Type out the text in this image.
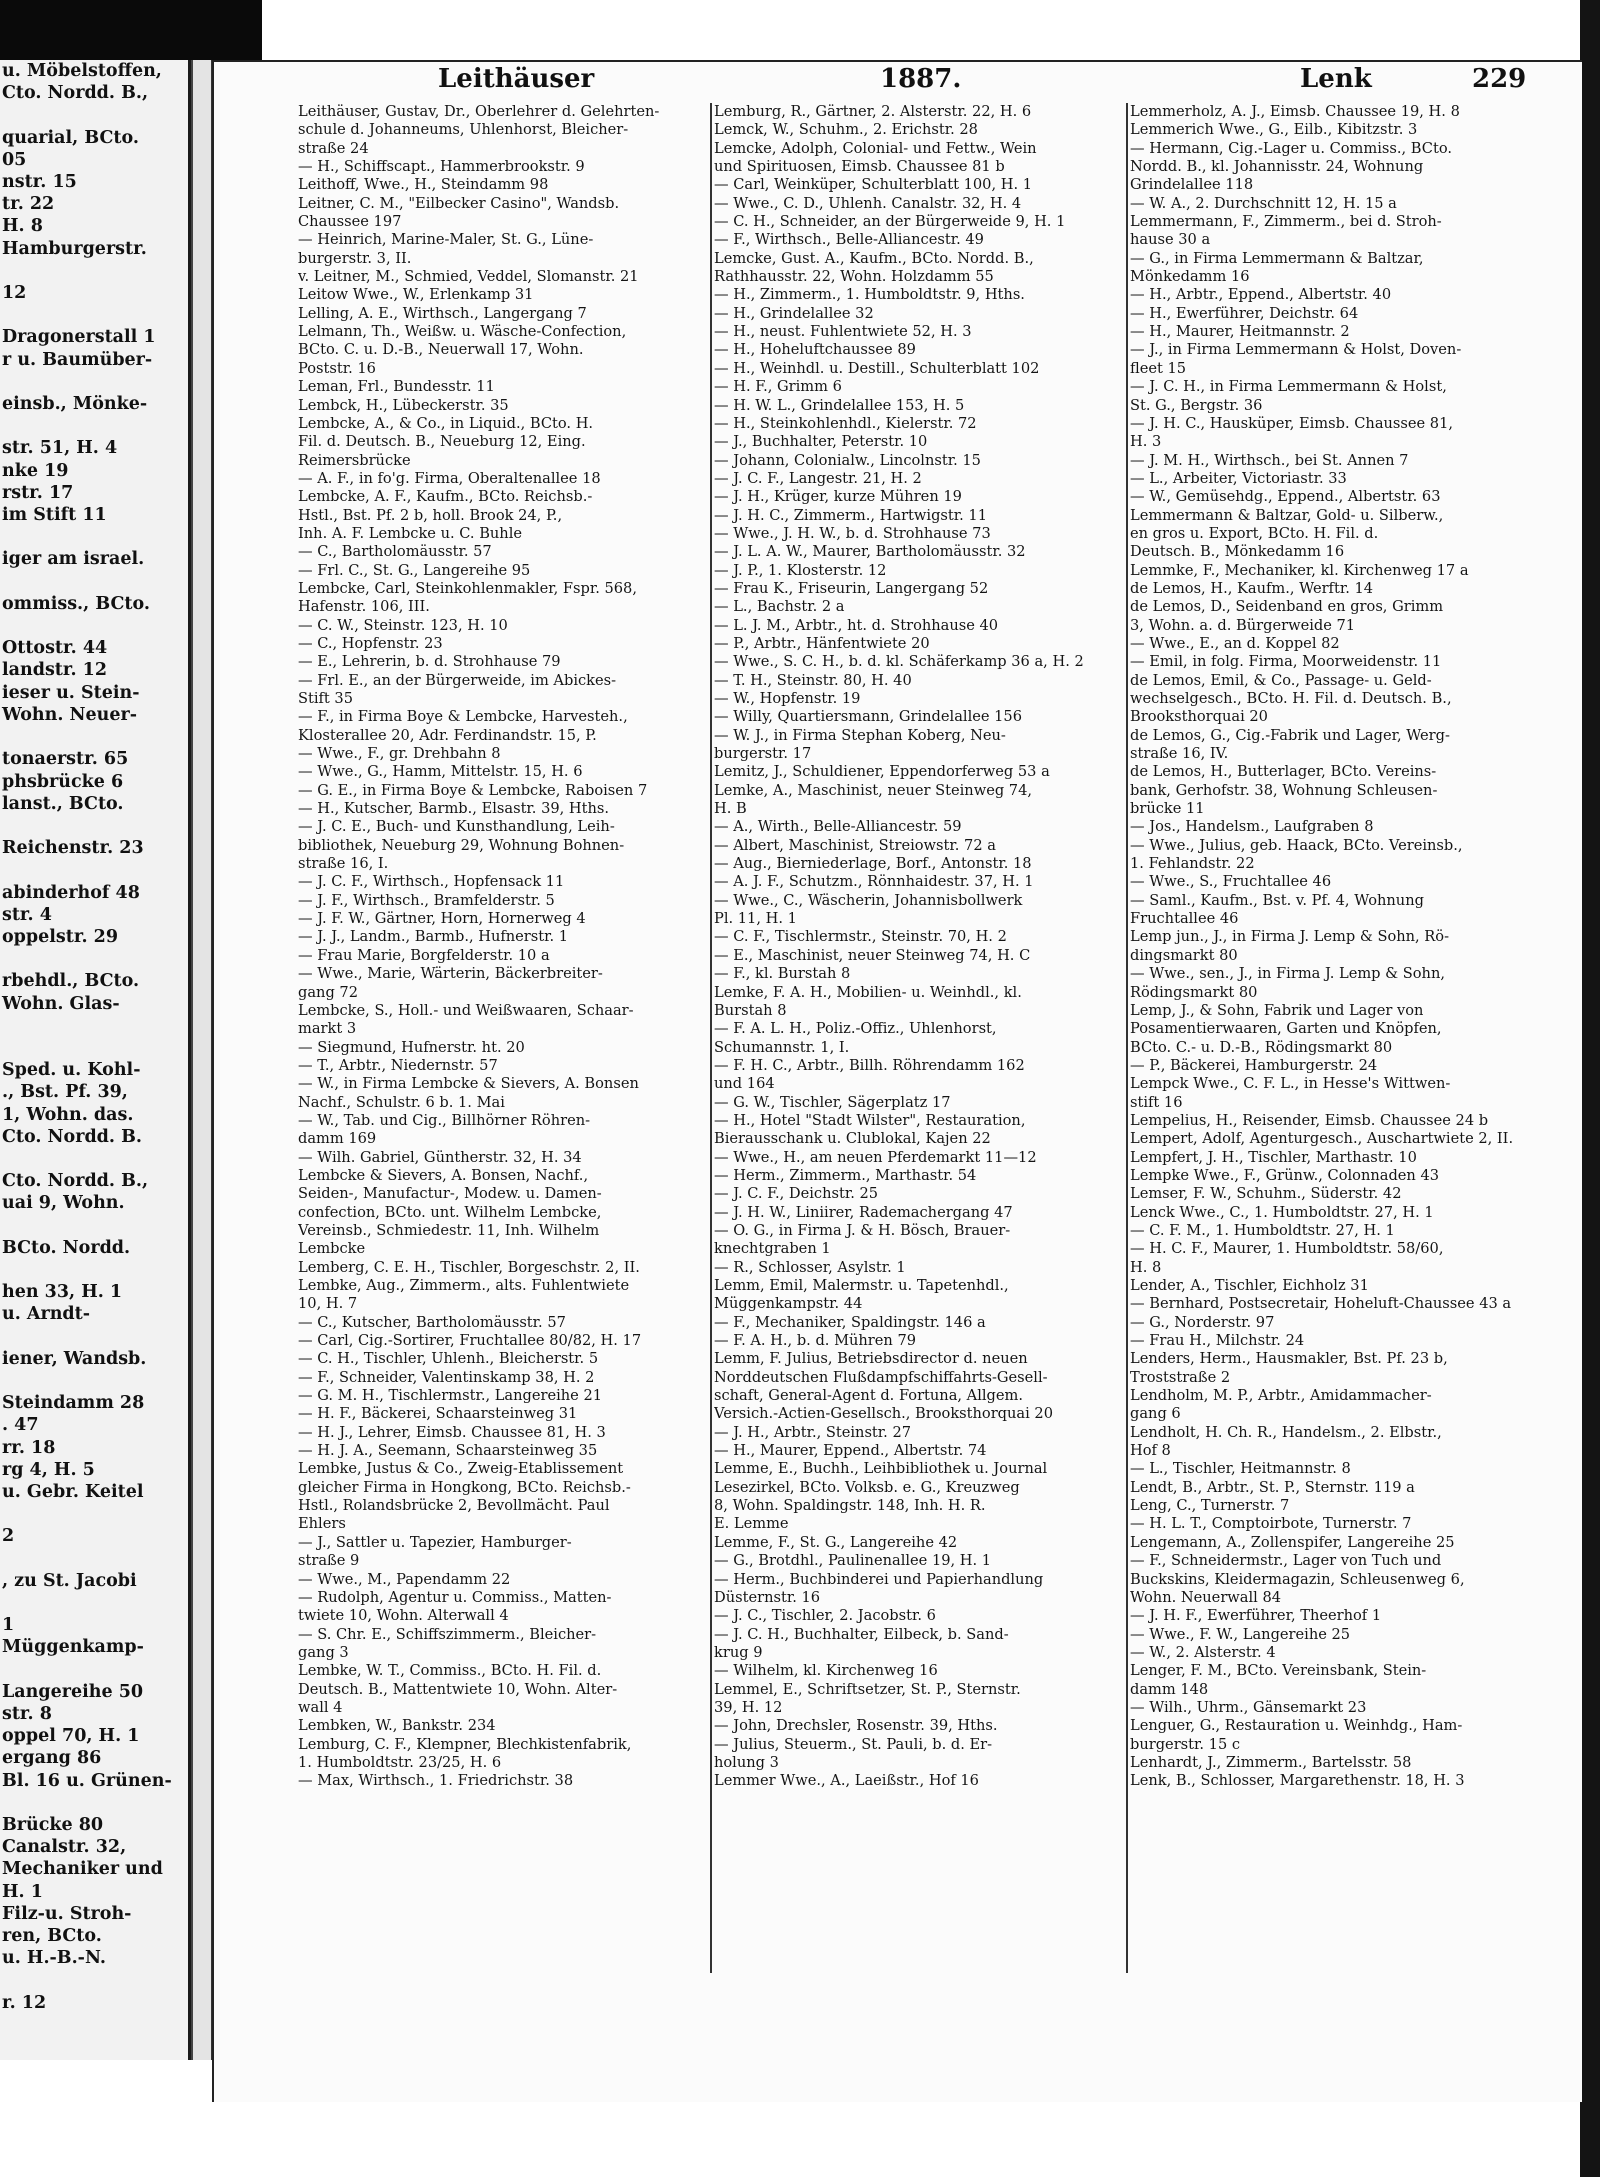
u. Möbelstoffen,
Cto. Nordd. B.,

quarial, BCto.
05
nstr. 15
tr. 22
H. 8
Hamburgerstr.

12

Dragonerstall 1
r u. Baumüber-

einsb., Mönke-

str. 51, H. 4
nke 19
rstr. 17
im Stift 11

iger am israel.

ommiss., BCto.

Ottostr. 44
landstr. 12
ieser u. Stein-
Wohn. Neuer-

tonaerstr. 65
phsbrücke 6
lanst., BCto.

Reichenstr. 23

abinderhof 48
str. 4
oppelstr. 29

rbehdl., BCto.
Wohn. Glas-

Sped. u. Kohl-
., Bst. Pf. 39,
1, Wohn. das.
Cto. Nordd. B.

Cto. Nordd. B.,
uai 9, Wohn.

BCto. Nordd.

hen 33, H. 1
u. Arndt-

iener, Wandsb.

Steindamm 28
. 47
rr. 18
rg 4, H. 5
u. Gebr. Keitel

2

, zu St. Jacobi

1
Müggenkamp-

Langereihe 50
str. 8
oppel 70, H. 1
ergang 86
Bl. 16 u. Grünen-

Brücke 80
Canalstr. 32,
Mechaniker und
H. 1
Filz-u. Stroh-
ren, BCto.
u. H.-B.-N.

r. 12
Leithäuser	1887.	Lenk	229
Leithäuser, Gustav, Dr., Oberlehrer d. Gelehrten-
schule d. Johanneums, Uhlenhorst, Bleicher-
straße 24
— H., Schiffscapt., Hammerbrookstr. 9
Leithoff, Wwe., H., Steindamm 98
Leitner, C. M., "Eilbecker Casino", Wandsb.
Chaussee 197
— Heinrich, Marine-Maler, St. G., Lüne-
burgerstr. 3, II.
v. Leitner, M., Schmied, Veddel, Slomanstr. 21
Leitow Wwe., W., Erlenkamp 31
Lelling, A. E., Wirthsch., Langergang 7
Lelmann, Th., Weißw. u. Wäsche-Confection,
BCto. C. u. D.-B., Neuerwall 17, Wohn.
Poststr. 16
Leman, Frl., Bundesstr. 11
Lembck, H., Lübeckerstr. 35
Lembcke, A., & Co., in Liquid., BCto. H.
Fil. d. Deutsch. B., Neueburg 12, Eing.
Reimersbrücke
— A. F., in fo'g. Firma, Oberaltenallee 18
Lembcke, A. F., Kaufm., BCto. Reichsb.-
Hstl., Bst. Pf. 2 b, holl. Brook 24, P.,
Inh. A. F. Lembcke u. C. Buhle
— C., Bartholomäusstr. 57
— Frl. C., St. G., Langereihe 95
Lembcke, Carl, Steinkohlenmakler, Fspr. 568,
Hafenstr. 106, III.
— C. W., Steinstr. 123, H. 10
— C., Hopfenstr. 23
— E., Lehrerin, b. d. Strohhause 79
— Frl. E., an der Bürgerweide, im Abickes-
Stift 35
— F., in Firma Boye & Lembcke, Harvesteh.,
Klosterallee 20, Adr. Ferdinandstr. 15, P.
— Wwe., F., gr. Drehbahn 8
— Wwe., G., Hamm, Mittelstr. 15, H. 6
— G. E., in Firma Boye & Lembcke, Raboisen 7
— H., Kutscher, Barmb., Elsastr. 39, Hths.
— J. C. E., Buch- und Kunsthandlung, Leih-
bibliothek, Neueburg 29, Wohnung Bohnen-
straße 16, I.
— J. C. F., Wirthsch., Hopfensack 11
— J. F., Wirthsch., Bramfelderstr. 5
— J. F. W., Gärtner, Horn, Hornerweg 4
— J. J., Landm., Barmb., Hufnerstr. 1
— Frau Marie, Borgfelderstr. 10 a
— Wwe., Marie, Wärterin, Bäckerbreiter-
gang 72
Lembcke, S., Holl.- und Weißwaaren, Schaar-
markt 3
— Siegmund, Hufnerstr. ht. 20
— T., Arbtr., Niedernstr. 57
— W., in Firma Lembcke & Sievers, A. Bonsen
Nachf., Schulstr. 6 b. 1. Mai
— W., Tab. und Cig., Billhörner Röhren-
damm 169
— Wilh. Gabriel, Güntherstr. 32, H. 34
Lembcke & Sievers, A. Bonsen, Nachf.,
Seiden-, Manufactur-, Modew. u. Damen-
confection, BCto. unt. Wilhelm Lembcke,
Vereinsb., Schmiedestr. 11, Inh. Wilhelm
Lembcke
Lemberg, C. E. H., Tischler, Borgeschstr. 2, II.
Lembke, Aug., Zimmerm., alts. Fuhlentwiete
10, H. 7
— C., Kutscher, Bartholomäusstr. 57
— Carl, Cig.-Sortirer, Fruchtallee 80/82, H. 17
— C. H., Tischler, Uhlenh., Bleicherstr. 5
— F., Schneider, Valentinskamp 38, H. 2
— G. M. H., Tischlermstr., Langereihe 21
— H. F., Bäckerei, Schaarsteinweg 31
— H. J., Lehrer, Eimsb. Chaussee 81, H. 3
— H. J. A., Seemann, Schaarsteinweg 35
Lembke, Justus & Co., Zweig-Etablissement
gleicher Firma in Hongkong, BCto. Reichsb.-
Hstl., Rolandsbrücke 2, Bevollmächt. Paul
Ehlers
— J., Sattler u. Tapezier, Hamburger-
straße 9
— Wwe., M., Papendamm 22
— Rudolph, Agentur u. Commiss., Matten-
twiete 10, Wohn. Alterwall 4
— S. Chr. E., Schiffszimmerm., Bleicher-
gang 3
Lembke, W. T., Commiss., BCto. H. Fil. d.
Deutsch. B., Mattentwiete 10, Wohn. Alter-
wall 4
Lembken, W., Bankstr. 234
Lemburg, C. F., Klempner, Blechkistenfabrik,
1. Humboldtstr. 23/25, H. 6
— Max, Wirthsch., 1. Friedrichstr. 38
Lemburg, R., Gärtner, 2. Alsterstr. 22, H. 6
Lemck, W., Schuhm., 2. Erichstr. 28
Lemcke, Adolph, Colonial- und Fettw., Wein
und Spirituosen, Eimsb. Chaussee 81 b
— Carl, Weinküper, Schulterblatt 100, H. 1
— Wwe., C. D., Uhlenh. Canalstr. 32, H. 4
— C. H., Schneider, an der Bürgerweide 9, H. 1
— F., Wirthsch., Belle-Alliancestr. 49
Lemcke, Gust. A., Kaufm., BCto. Nordd. B.,
Rathhausstr. 22, Wohn. Holzdamm 55
— H., Zimmerm., 1. Humboldtstr. 9, Hths.
— H., Grindelallee 32
— H., neust. Fuhlentwiete 52, H. 3
— H., Hoheluftchaussee 89
— H., Weinhdl. u. Destill., Schulterblatt 102
— H. F., Grimm 6
— H. W. L., Grindelallee 153, H. 5
— H., Steinkohlenhdl., Kielerstr. 72
— J., Buchhalter, Peterstr. 10
— Johann, Colonialw., Lincolnstr. 15
— J. C. F., Langestr. 21, H. 2
— J. H., Krüger, kurze Mühren 19
— J. H. C., Zimmerm., Hartwigstr. 11
— Wwe., J. H. W., b. d. Strohhause 73
— J. L. A. W., Maurer, Bartholomäusstr. 32
— J. P., 1. Klosterstr. 12
— Frau K., Friseurin, Langergang 52
— L., Bachstr. 2 a
— L. J. M., Arbtr., ht. d. Strohhause 40
— P., Arbtr., Hänfentwiete 20
— Wwe., S. C. H., b. d. kl. Schäferkamp 36 a, H. 2
— T. H., Steinstr. 80, H. 40
— W., Hopfenstr. 19
— Willy, Quartiersmann, Grindelallee 156
— W. J., in Firma Stephan Koberg, Neu-
burgerstr. 17
Lemitz, J., Schuldiener, Eppendorferweg 53 a
Lemke, A., Maschinist, neuer Steinweg 74,
H. B
— A., Wirth., Belle-Alliancestr. 59
— Albert, Maschinist, Streiowstr. 72 a
— Aug., Bierniederlage, Borf., Antonstr. 18
— A. J. F., Schutzm., Rönnhaidestr. 37, H. 1
— Wwe., C., Wäscherin, Johannisbollwerk
Pl. 11, H. 1
— C. F., Tischlermstr., Steinstr. 70, H. 2
— E., Maschinist, neuer Steinweg 74, H. C
— F., kl. Burstah 8
Lemke, F. A. H., Mobilien- u. Weinhdl., kl.
Burstah 8
— F. A. L. H., Poliz.-Offiz., Uhlenhorst,
Schumannstr. 1, I.
— F. H. C., Arbtr., Billh. Röhrendamm 162
und 164
— G. W., Tischler, Sägerplatz 17
— H., Hotel "Stadt Wilster", Restauration,
Bierausschank u. Clublokal, Kajen 22
— Wwe., H., am neuen Pferdemarkt 11—12
— Herm., Zimmerm., Marthastr. 54
— J. C. F., Deichstr. 25
— J. H. W., Liniirer, Rademachergang 47
— O. G., in Firma J. & H. Bösch, Brauer-
knechtgraben 1
— R., Schlosser, Asylstr. 1
Lemm, Emil, Malermstr. u. Tapetenhdl.,
Müggenkampstr. 44
— F., Mechaniker, Spaldingstr. 146 a
— F. A. H., b. d. Mühren 79
Lemm, F. Julius, Betriebsdirector d. neuen
Norddeutschen Flußdampfschiffahrts-Gesell-
schaft, General-Agent d. Fortuna, Allgem.
Versich.-Actien-Gesellsch., Brooksthorquai 20
— J. H., Arbtr., Steinstr. 27
— H., Maurer, Eppend., Albertstr. 74
Lemme, E., Buchh., Leihbibliothek u. Journal
Lesezirkel, BCto. Volksb. e. G., Kreuzweg
8, Wohn. Spaldingstr. 148, Inh. H. R.
E. Lemme
Lemme, F., St. G., Langereihe 42
— G., Brotdhl., Paulinenallee 19, H. 1
— Herm., Buchbinderei und Papierhandlung
Düsternstr. 16
— J. C., Tischler, 2. Jacobstr. 6
— J. C. H., Buchhalter, Eilbeck, b. Sand-
krug 9
— Wilhelm, kl. Kirchenweg 16
Lemmel, E., Schriftsetzer, St. P., Sternstr.
39, H. 12
— John, Drechsler, Rosenstr. 39, Hths.
— Julius, Steuerm., St. Pauli, b. d. Er-
holung 3
Lemmer Wwe., A., Laeißstr., Hof 16
Lemmerholz, A. J., Eimsb. Chaussee 19, H. 8
Lemmerich Wwe., G., Eilb., Kibitzstr. 3
— Hermann, Cig.-Lager u. Commiss., BCto.
Nordd. B., kl. Johannisstr. 24, Wohnung
Grindelallee 118
— W. A., 2. Durchschnitt 12, H. 15 a
Lemmermann, F., Zimmerm., bei d. Stroh-
hause 30 a
— G., in Firma Lemmermann & Baltzar,
Mönkedamm 16
— H., Arbtr., Eppend., Albertstr. 40
— H., Ewerführer, Deichstr. 64
— H., Maurer, Heitmannstr. 2
— J., in Firma Lemmermann & Holst, Doven-
fleet 15
— J. C. H., in Firma Lemmermann & Holst,
St. G., Bergstr. 36
— J. H. C., Hausküper, Eimsb. Chaussee 81,
H. 3
— J. M. H., Wirthsch., bei St. Annen 7
— L., Arbeiter, Victoriastr. 33
— W., Gemüsehdg., Eppend., Albertstr. 63
Lemmermann & Baltzar, Gold- u. Silberw.,
en gros u. Export, BCto. H. Fil. d.
Deutsch. B., Mönkedamm 16
Lemmke, F., Mechaniker, kl. Kirchenweg 17 a
de Lemos, H., Kaufm., Werftr. 14
de Lemos, D., Seidenband en gros, Grimm
3, Wohn. a. d. Bürgerweide 71
— Wwe., E., an d. Koppel 82
— Emil, in folg. Firma, Moorweidenstr. 11
de Lemos, Emil, & Co., Passage- u. Geld-
wechselgesch., BCto. H. Fil. d. Deutsch. B.,
Brooksthorquai 20
de Lemos, G., Cig.-Fabrik und Lager, Werg-
straße 16, IV.
de Lemos, H., Butterlager, BCto. Vereins-
bank, Gerhofstr. 38, Wohnung Schleusen-
brücke 11
— Jos., Handelsm., Laufgraben 8
— Wwe., Julius, geb. Haack, BCto. Vereinsb.,
1. Fehlandstr. 22
— Wwe., S., Fruchtallee 46
— Saml., Kaufm., Bst. v. Pf. 4, Wohnung
Fruchtallee 46
Lemp jun., J., in Firma J. Lemp & Sohn, Rö-
dingsmarkt 80
— Wwe., sen., J., in Firma J. Lemp & Sohn,
Rödingsmarkt 80
Lemp, J., & Sohn, Fabrik und Lager von
Posamentierwaaren, Garten und Knöpfen,
BCto. C.- u. D.-B., Rödingsmarkt 80
— P., Bäckerei, Hamburgerstr. 24
Lempck Wwe., C. F. L., in Hesse's Wittwen-
stift 16
Lempelius, H., Reisender, Eimsb. Chaussee 24 b
Lempert, Adolf, Agenturgesch., Auschartwiete 2, II.
Lempfert, J. H., Tischler, Marthastr. 10
Lempke Wwe., F., Grünw., Colonnaden 43
Lemser, F. W., Schuhm., Süderstr. 42
Lenck Wwe., C., 1. Humboldtstr. 27, H. 1
— C. F. M., 1. Humboldtstr. 27, H. 1
— H. C. F., Maurer, 1. Humboldtstr. 58/60,
H. 8
Lender, A., Tischler, Eichholz 31
— Bernhard, Postsecretair, Hoheluft-Chaussee 43 a
— G., Norderstr. 97
— Frau H., Milchstr. 24
Lenders, Herm., Hausmakler, Bst. Pf. 23 b,
Troststraße 2
Lendholm, M. P., Arbtr., Amidammacher-
gang 6
Lendholt, H. Ch. R., Handelsm., 2. Elbstr.,
Hof 8
— L., Tischler, Heitmannstr. 8
Lendt, B., Arbtr., St. P., Sternstr. 119 a
Leng, C., Turnerstr. 7
— H. L. T., Comptoirbote, Turnerstr. 7
Lengemann, A., Zollenspifer, Langereihe 25
— F., Schneidermstr., Lager von Tuch und
Buckskins, Kleidermagazin, Schleusenweg 6,
Wohn. Neuerwall 84
— J. H. F., Ewerführer, Theerhof 1
— Wwe., F. W., Langereihe 25
— W., 2. Alsterstr. 4
Lenger, F. M., BCto. Vereinsbank, Stein-
damm 148
— Wilh., Uhrm., Gänsemarkt 23
Lenguer, G., Restauration u. Weinhdg., Ham-
burgerstr. 15 c
Lenhardt, J., Zimmerm., Bartelsstr. 58
Lenk, B., Schlosser, Margarethenstr. 18, H. 3
